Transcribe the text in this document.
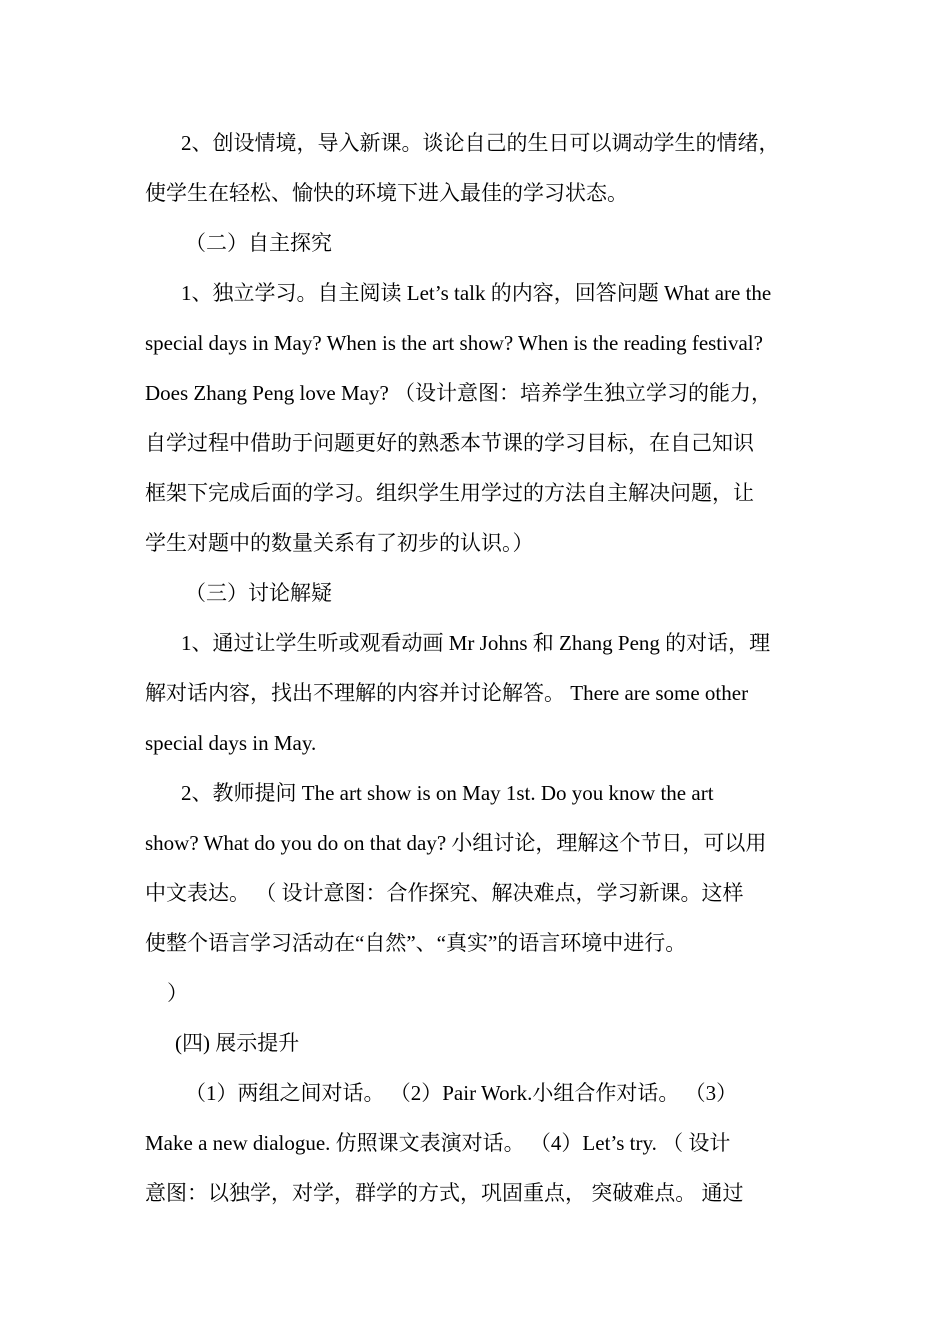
2、创设情境，导入新课。谈论自己的生日可以调动学生的情绪，
使学生在轻松、愉快的环境下进入最佳的学习状态。
（二）自主探究
1、独立学习。自主阅读 Let’s talk 的内容，回答问题 What are the
special days in May? When is the art show? When is the reading festival?
Does Zhang Peng love May? （设计意图：培养学生独立学习的能力，
自学过程中借助于问题更好的熟悉本节课的学习目标，在自己知识
框架下完成后面的学习。组织学生用学过的方法自主解决问题，让
学生对题中的数量关系有了初步的认识。）
（三）讨论解疑
1、通过让学生听或观看动画 Mr Johns 和 Zhang Peng 的对话，理
解对话内容，找出不理解的内容并讨论解答。 There are some other
special days in May.
2、教师提问 The art show is on May 1st. Do you know the art
show? What do you do on that day? 小组讨论，理解这个节日，可以用
中文表达。 （ 设计意图：合作探究、解决难点，学习新课。这样
使整个语言学习活动在“自然”、“真实”的语言环境中进行。
）
(四) 展示提升
（1）两组之间对话。 （2）Pair Work.小组合作对话。 （3）
Make a new dialogue. 仿照课文表演对话。 （4）Let’s try. （ 设计
意图：以独学，对学，群学的方式，巩固重点， 突破难点。 通过
